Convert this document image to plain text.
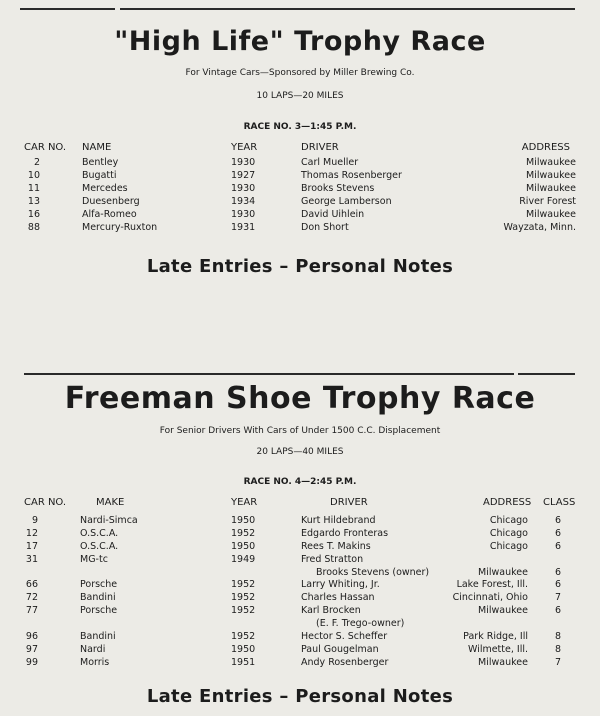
"High Life" Trophy Race
For Vintage Cars—Sponsored by Miller Brewing Co.
10 LAPS—20 MILES
RACE NO. 3—1:45 P.M.
CAR NO. NAME	YEAR	DRIVER	ADDRESS
2	Bentley	1930	Carl Mueller	Milwaukee
10	Bugatti	1927	Thomas Rosenberger	Milwaukee
11	Mercedes	1930	Brooks Stevens	Milwaukee
13	Duesenberg	1934	George Lamberson	River Forest
16	Alfa-Romeo	1930	David Uihlein	Milwaukee
88	Mercury-Ruxton	1931	Don Short	Wayzata, Minn.
Late Entries – Personal Notes
Freeman Shoe Trophy Race
For Senior Drivers With Cars of Under 1500 C.C. Displacement
20 LAPS—40 MILES
RACE NO. 4—2:45 P.M.
CAR NO.	MAKE	YEAR	DRIVER	ADDRESS CLASS
9	Nardi-Simca	1950	Kurt Hildebrand	Chicago	6
12	O.S.C.A.	1952	Edgardo Fronteras	Chicago	6
17	O.S.C.A.	1950	Rees T. Makins	Chicago	6
31	MG-tc	1949	Fred Stratton
Brooks Stevens (owner)	Milwaukee	6
66	Porsche	1952	Larry Whiting, Jr.	Lake Forest, Ill.	6
72	Bandini	1952	Charles Hassan	Cincinnati, Ohio	7
77	Porsche	1952	Karl Brocken	Milwaukee	6
(E. F. Trego-owner)
96	Bandini	1952	Hector S. Scheffer	Park Ridge, Ill	8
97	Nardi	1950	Paul Gougelman	Wilmette, Ill.	8
99	Morris	1951	Andy Rosenberger	Milwaukee	7
Late Entries – Personal Notes
